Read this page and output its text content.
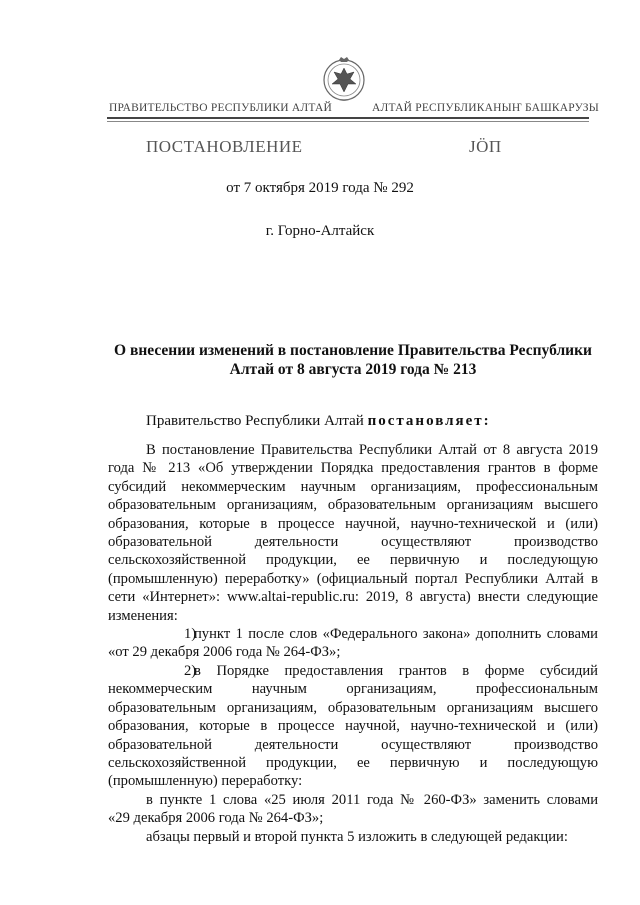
ПРАВИТЕЛЬСТВО РЕСПУБЛИКИ АЛТАЙ	АЛТАЙ РЕСПУБЛИКАНЫҤ БАШКАРУЗЫ
ПОСТАНОВЛЕНИЕ	JӦП
от 7 октября 2019 года № 292
г. Горно-Алтайск
О внесении изменений в постановление Правительства Республики Алтай от 8 августа 2019 года № 213
Правительство Республики Алтай постановляет:

В постановление Правительства Республики Алтай от 8 августа 2019

года № 213 «Об утверждении Порядка предоставления грантов в форме

субсидий некоммерческим научным организациям, профессиональным

образовательным организациям, образовательным организациям высшего

образования, которые в процессе научной, научно-технической и (или)

образовательной деятельности осуществляют производство

сельскохозяйственной продукции, ее первичную и последующую

(промышленную) переработку» (официальный портал Республики Алтай в

сети «Интернет»: www.altai-republic.ru: 2019, 8 августа) внести следующие

изменения:

1)пункт 1 после слов «Федерального закона» дополнить словами

«от 29 декабря 2006 года № 264-ФЗ»;

2)в Порядке предоставления грантов в форме субсидий

некоммерческим научным организациям, профессиональным

образовательным организациям, образовательным организациям высшего

образования, которые в процессе научной, научно-технической и (или)

образовательной деятельности осуществляют производство

сельскохозяйственной продукции, ее первичную и последующую

(промышленную) переработку:

в пункте 1 слова «25 июля 2011 года № 260-ФЗ» заменить словами

«29 декабря 2006 года № 264-ФЗ»;

абзацы первый и второй пункта 5 изложить в следующей редакции:
